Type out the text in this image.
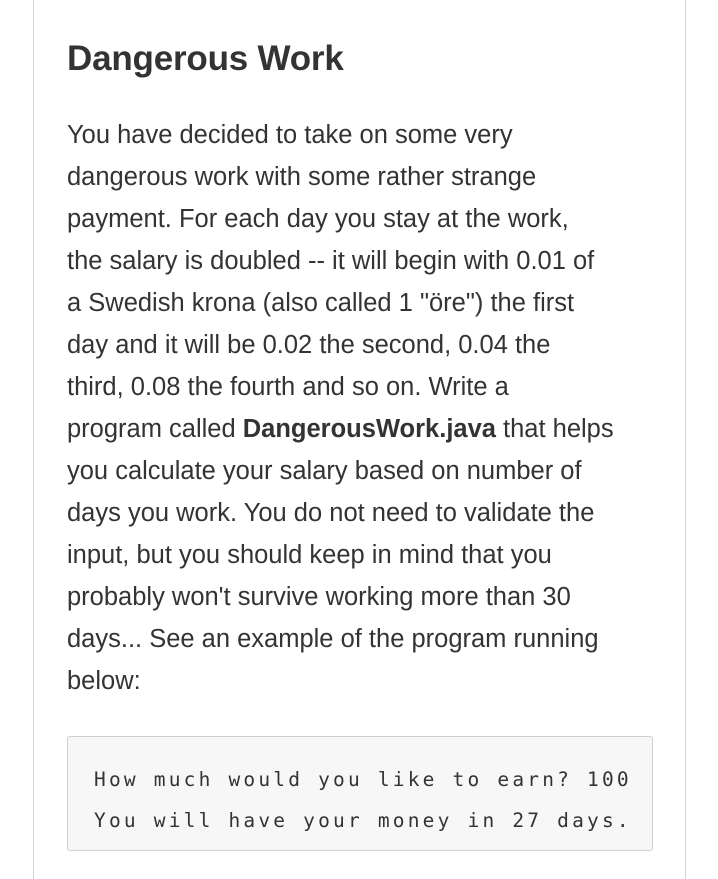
Dangerous Work

You have decided to take on some very
dangerous work with some rather strange
payment. For each day you stay at the work,
the salary is doubled -- it will begin with 0.01 of
a Swedish krona (also called 1 "öre") the first
day and it will be 0.02 the second, 0.04 the
third, 0.08 the fourth and so on. Write a
program called DangerousWork.java that helps
you calculate your salary based on number of
days you work. You do not need to validate the
input, but you should keep in mind that you
probably won't survive working more than 30
days... See an example of the program running
below:

How much would you like to earn? 100
You will have your money in 27 days.
